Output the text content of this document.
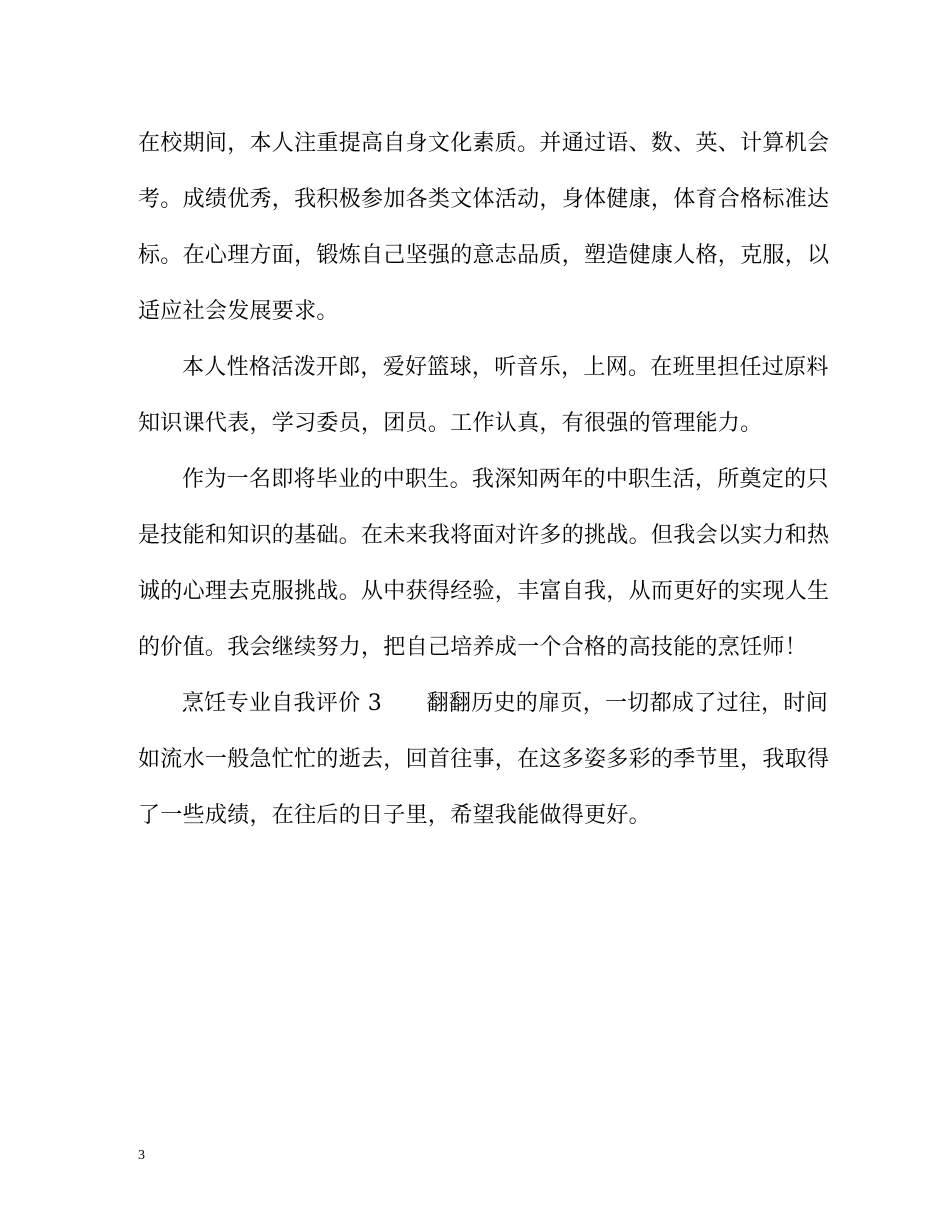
在校期间，本人注重提高自身文化素质。并通过语、数、英、计算机会
考。成绩优秀，我积极参加各类文体活动，身体健康，体育合格标准达
标。在心理方面，锻炼自己坚强的意志品质，塑造健康人格，克服，以
适应社会发展要求。
本人性格活泼开郎，爱好篮球，听音乐，上网。在班里担任过原料
知识课代表，学习委员，团员。工作认真，有很强的管理能力。
作为一名即将毕业的中职生。我深知两年的中职生活，所奠定的只
是技能和知识的基础。在未来我将面对许多的挑战。但我会以实力和热
诚的心理去克服挑战。从中获得经验，丰富自我，从而更好的实现人生
的价值。我会继续努力，把自己培养成一个合格的高技能的烹饪师！
烹饪专业自我评价 3　　翻翻历史的扉页，一切都成了过往，时间
如流水一般急忙忙的逝去，回首往事，在这多姿多彩的季节里，我取得
了一些成绩，在往后的日子里，希望我能做得更好。
3
